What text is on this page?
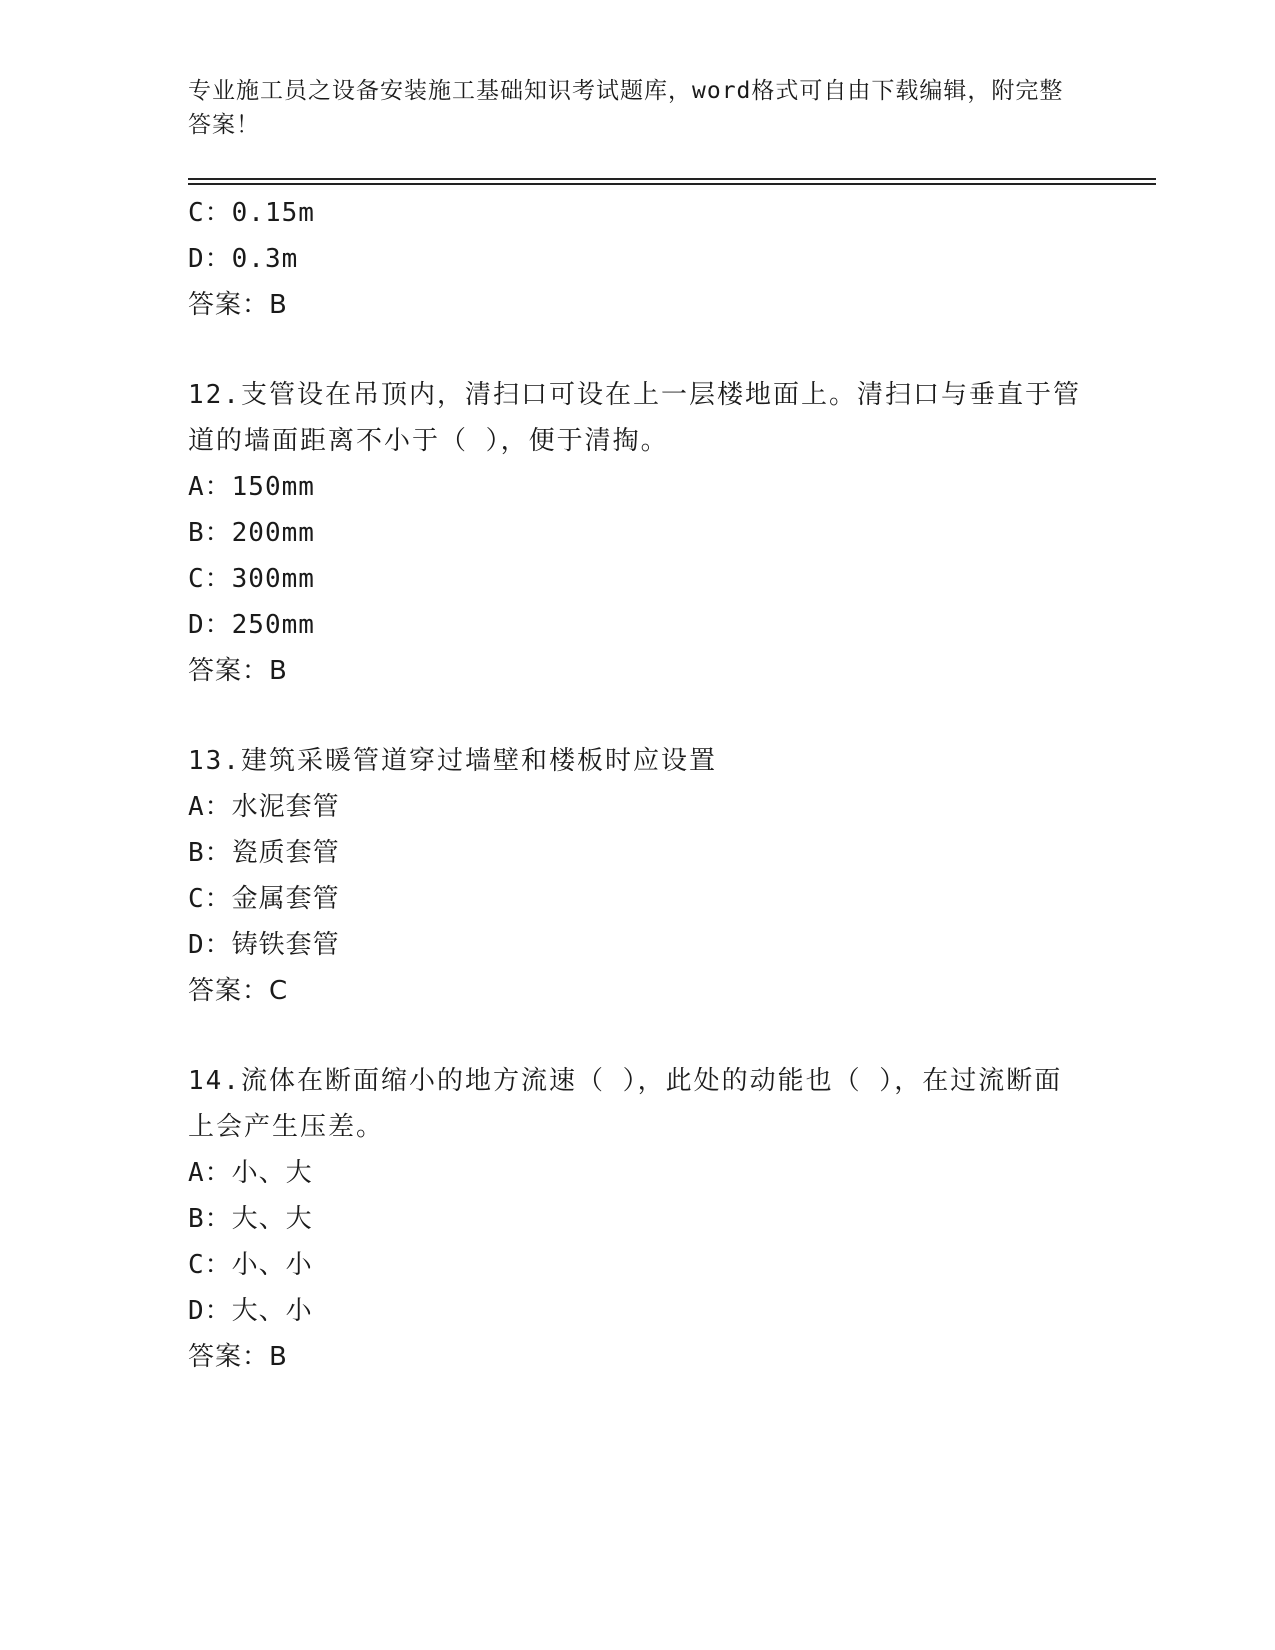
专业施工员之设备安装施工基础知识考试题库，word格式可自由下载编辑，附完整答案！
C：0.15m
D：0.3m
答案：B
12.支管设在吊顶内，清扫口可设在上一层楼地面上。清扫口与垂直于管道的墙面距离不小于（ ），便于清掏。
A：150mm
B：200mm
C：300mm
D：250mm
答案：B
13.建筑采暖管道穿过墙壁和楼板时应设置
A：水泥套管
B：瓷质套管
C：金属套管
D：铸铁套管
答案：C
14.流体在断面缩小的地方流速（ ），此处的动能也（ ），在过流断面上会产生压差。
A：小、大
B：大、大
C：小、小
D：大、小
答案：B
